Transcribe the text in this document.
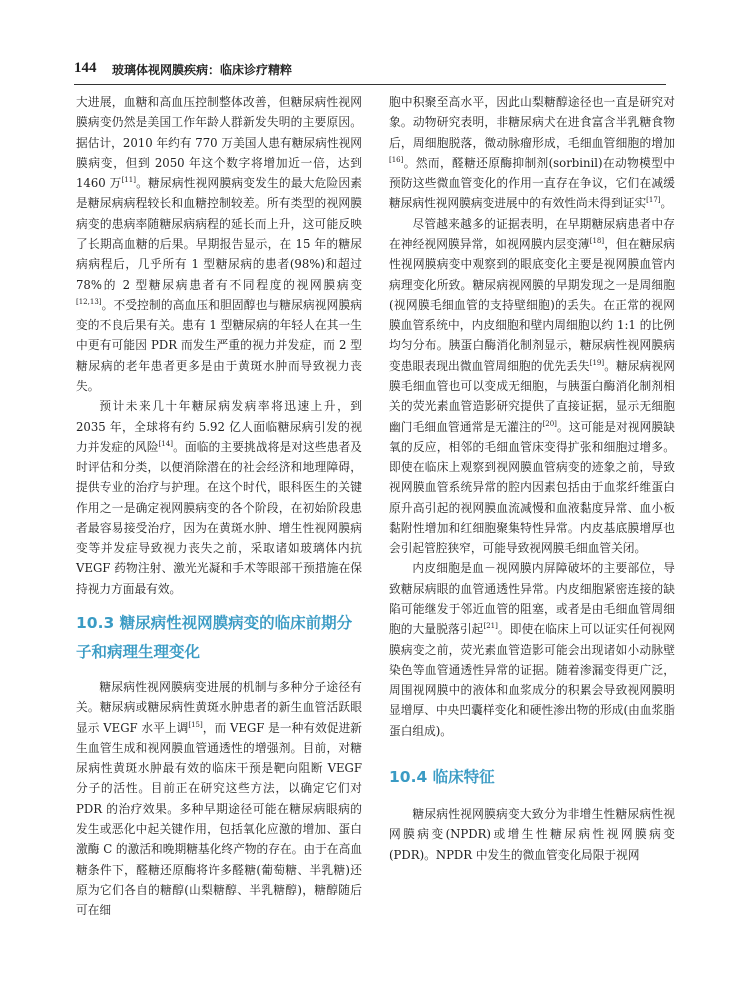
144 玻璃体视网膜疾病：临床诊疗精粹

大进展，血糖和高血压控制整体改善，但糖尿病性视网膜病变仍然是美国工作年龄人群新发失明的主要原因。据估计，2010 年约有 770 万美国人患有糖尿病性视网膜病变，但到 2050 年这个数字将增加近一倍，达到 1460 万[11]。糖尿病性视网膜病变发生的最大危险因素是糖尿病病程较长和血糖控制较差。所有类型的视网膜病变的患病率随糖尿病病程的延长而上升，这可能反映了长期高血糖的后果。早期报告显示，在 15 年的糖尿病病程后，几乎所有 1 型糖尿病的患者(98%)和超过 78%的 2 型糖尿病患者有不同程度的视网膜病变[12,13]。不受控制的高血压和胆固醇也与糖尿病视网膜病变的不良后果有关。患有 1 型糖尿病的年轻人在其一生中更有可能因 PDR 而发生严重的视力并发症，而 2 型糖尿病的老年患者更多是由于黄斑水肿而导致视力丧失。

预计未来几十年糖尿病发病率将迅速上升，到 2035 年，全球将有约 5.92 亿人面临糖尿病引发的视力并发症的风险[14]。面临的主要挑战将是对这些患者及时评估和分类，以便消除潜在的社会经济和地理障碍，提供专业的治疗与护理。在这个时代，眼科医生的关键作用之一是确定视网膜病变的各个阶段，在初始阶段患者最容易接受治疗，因为在黄斑水肿、增生性视网膜病变等并发症导致视力丧失之前，采取诸如玻璃体内抗 VEGF 药物注射、激光光凝和手术等眼部干预措施在保持视力方面最有效。

10.3 糖尿病性视网膜病变的临床前期分子和病理生理变化

糖尿病性视网膜病变进展的机制与多种分子途径有关。糖尿病或糖尿病性黄斑水肿患者的新生血管活跃眼显示 VEGF 水平上调[15]，而 VEGF 是一种有效促进新生血管生成和视网膜血管通透性的增强剂。目前，对糖尿病性黄斑水肿最有效的临床干预是靶向阻断 VEGF 分子的活性。目前正在研究这些方法，以确定它们对 PDR 的治疗效果。多种早期途径可能在糖尿病眼病的发生或恶化中起关键作用，包括氧化应激的增加、蛋白激酶 C 的激活和晚期糖基化终产物的存在。由于在高血糖条件下，醛糖还原酶将许多醛糖(葡萄糖、半乳糖)还原为它们各自的糖醇(山梨糖醇、半乳糖醇)，糖醇随后可在细

胞中积聚至高水平，因此山梨糖醇途径也一直是研究对象。动物研究表明，非糖尿病犬在进食富含半乳糖食物后，周细胞脱落，微动脉瘤形成，毛细血管细胞的增加[16]。然而，醛糖还原酶抑制剂(sorbinil)在动物模型中预防这些微血管变化的作用一直存在争议，它们在减缓糖尿病性视网膜病变进展中的有效性尚未得到证实[17]。

尽管越来越多的证据表明，在早期糖尿病患者中存在神经视网膜异常，如视网膜内层变薄[18]，但在糖尿病性视网膜病变中观察到的眼底变化主要是视网膜血管内病理变化所致。糖尿病视网膜的早期发现之一是周细胞(视网膜毛细血管的支持壁细胞)的丢失。在正常的视网膜血管系统中，内皮细胞和壁内周细胞以约 1:1 的比例均匀分布。胰蛋白酶消化制剂显示，糖尿病性视网膜病变患眼表现出微血管周细胞的优先丢失[19]。糖尿病视网膜毛细血管也可以变成无细胞，与胰蛋白酶消化制剂相关的荧光素血管造影研究提供了直接证据，显示无细胞幽门毛细血管通常是无灌注的[20]。这可能是对视网膜缺氧的反应，相邻的毛细血管床变得扩张和细胞过增多。即使在临床上观察到视网膜血管病变的迹象之前，导致视网膜血管系统异常的腔内因素包括由于血浆纤维蛋白原升高引起的视网膜血流减慢和血液黏度异常、血小板黏附性增加和红细胞聚集特性异常。内皮基底膜增厚也会引起管腔狭窄，可能导致视网膜毛细血管关闭。

内皮细胞是血－视网膜内屏障破坏的主要部位，导致糖尿病眼的血管通透性异常。内皮细胞紧密连接的缺陷可能继发于邻近血管的阻塞，或者是由毛细血管周细胞的大量脱落引起[21]。即使在临床上可以证实任何视网膜病变之前，荧光素血管造影可能会出现诸如小动脉壁染色等血管通透性异常的证据。随着渗漏变得更广泛，周围视网膜中的液体和血浆成分的积累会导致视网膜明显增厚、中央凹囊样变化和硬性渗出物的形成(由血浆脂蛋白组成)。

10.4 临床特征

糖尿病性视网膜病变大致分为非增生性糖尿病性视网膜病变(NPDR)或增生性糖尿病性视网膜病变(PDR)。NPDR 中发生的微血管变化局限于视网
